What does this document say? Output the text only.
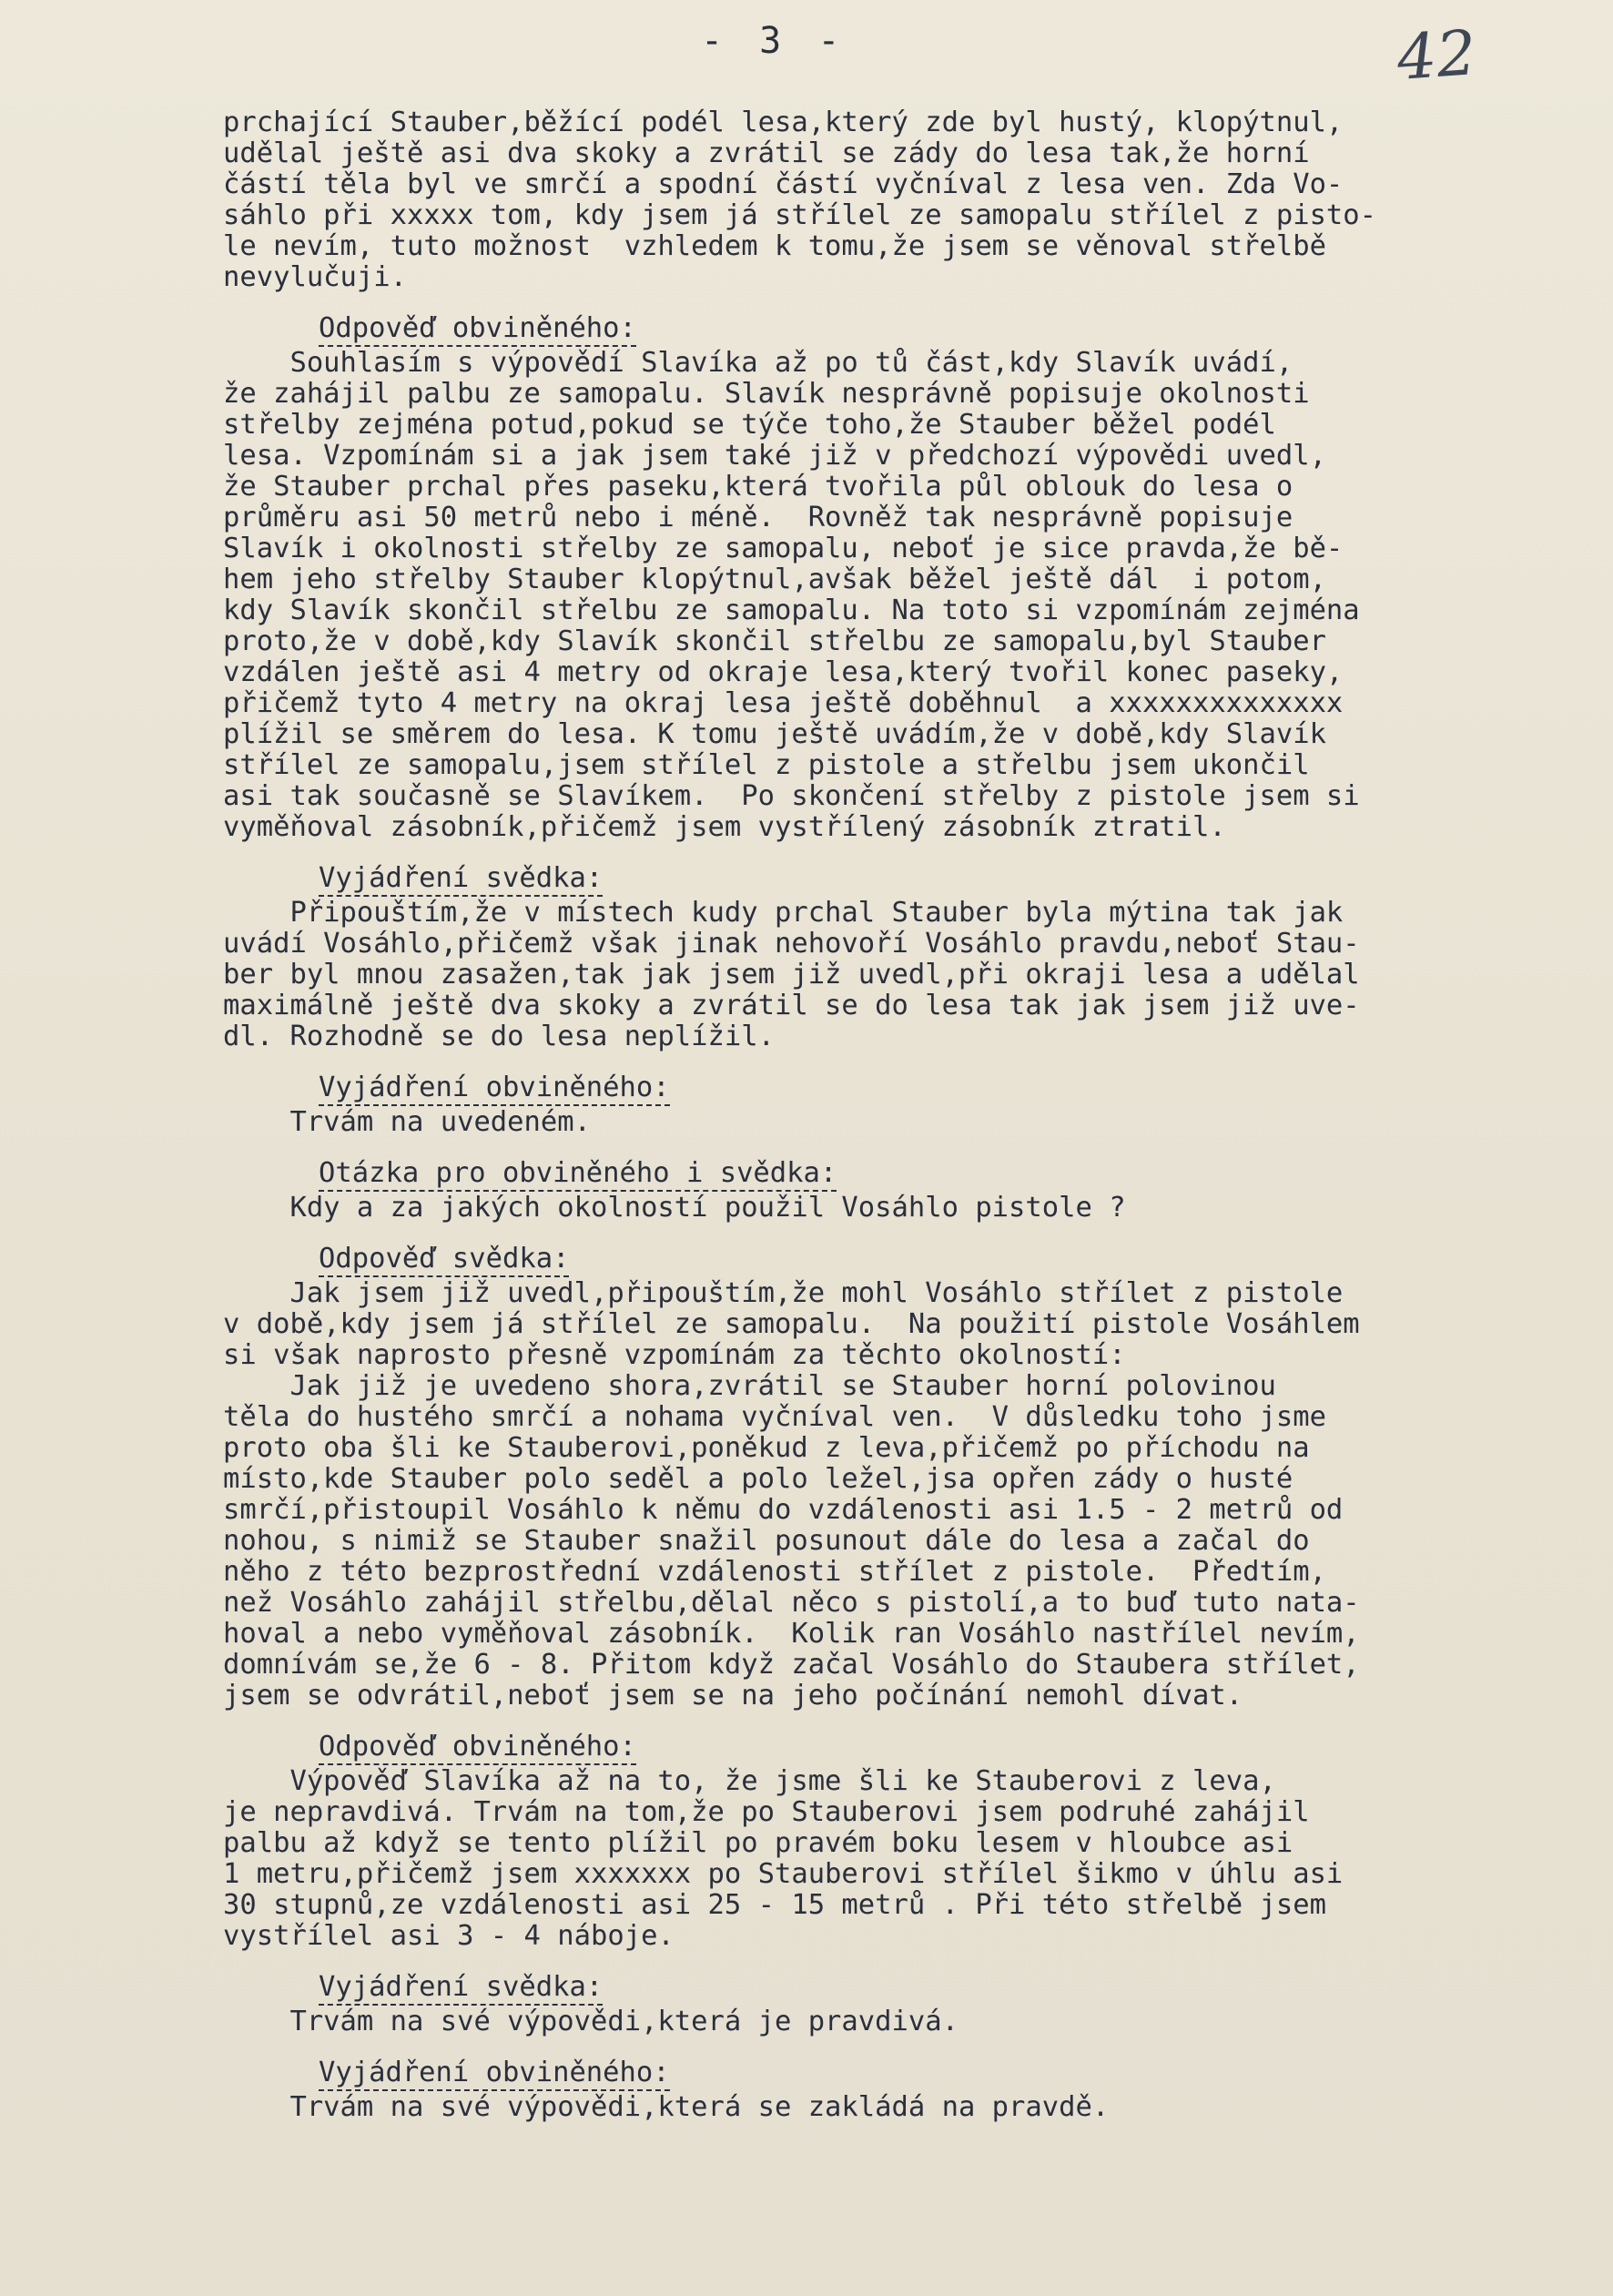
- 3 -	42
prchající Stauber,běžící podél lesa,který zde byl hustý, klopýtnul,
udělal ještě asi dva skoky a zvrátil se zády do lesa tak,že horní
částí těla byl ve smrčí a spodní částí vyčníval z lesa ven. Zda Vo-
sáhlo při xxxxx tom, kdy jsem já střílel ze samopalu střílel z pisto-
le nevím, tuto možnost  vzhledem k tomu,že jsem se věnoval střelbě
nevylučuji.
Odpověď obviněného:
Souhlasím s výpovědí Slavíka až po tů část,kdy Slavík uvádí,
že zahájil palbu ze samopalu. Slavík nesprávně popisuje okolnosti
střelby zejména potud,pokud se týče toho,že Stauber běžel podél
lesa. Vzpomínám si a jak jsem také již v předchozí výpovědi uvedl,
že Stauber prchal přes paseku,která tvořila půl oblouk do lesa o
průměru asi 50 metrů nebo i méně.  Rovněž tak nesprávně popisuje
Slavík i okolnosti střelby ze samopalu, neboť je sice pravda,že bě-
hem jeho střelby Stauber klopýtnul,avšak běžel ještě dál  i potom,
kdy Slavík skončil střelbu ze samopalu. Na toto si vzpomínám zejména
proto,že v době,kdy Slavík skončil střelbu ze samopalu,byl Stauber
vzdálen ještě asi 4 metry od okraje lesa,který tvořil konec paseky,
přičemž tyto 4 metry na okraj lesa ještě doběhnul  a xxxxxxxxxxxxxx
plížil se směrem do lesa. K tomu ještě uvádím,že v době,kdy Slavík
střílel ze samopalu,jsem střílel z pistole a střelbu jsem ukončil
asi tak současně se Slavíkem.  Po skončení střelby z pistole jsem si
vyměňoval zásobník,přičemž jsem vystřílený zásobník ztratil.
Vyjádření svědka:
Připouštím,že v místech kudy prchal Stauber byla mýtina tak jak
uvádí Vosáhlo,přičemž však jinak nehovoří Vosáhlo pravdu,neboť Stau-
ber byl mnou zasažen,tak jak jsem již uvedl,při okraji lesa a udělal
maximálně ještě dva skoky a zvrátil se do lesa tak jak jsem již uve-
dl. Rozhodně se do lesa neplížil.
Vyjádření obviněného:
Trvám na uvedeném.
Otázka pro obviněného i svědka:
Kdy a za jakých okolností použil Vosáhlo pistole ?
Odpověď svědka:
Jak jsem již uvedl,připouštím,že mohl Vosáhlo střílet z pistole
v době,kdy jsem já střílel ze samopalu.  Na použití pistole Vosáhlem
si však naprosto přesně vzpomínám za těchto okolností:
Jak již je uvedeno shora,zvrátil se Stauber horní polovinou
těla do hustého smrčí a nohama vyčníval ven.  V důsledku toho jsme
proto oba šli ke Stauberovi,poněkud z leva,přičemž po příchodu na
místo,kde Stauber polo seděl a polo ležel,jsa opřen zády o husté
smrčí,přistoupil Vosáhlo k němu do vzdálenosti asi 1.5 - 2 metrů od
nohou, s nimiž se Stauber snažil posunout dále do lesa a začal do
něho z této bezprostřední vzdálenosti střílet z pistole.  Předtím,
než Vosáhlo zahájil střelbu,dělal něco s pistolí,a to buď tuto nata-
hoval a nebo vyměňoval zásobník.  Kolik ran Vosáhlo nastřílel nevím,
domnívám se,že 6 - 8. Přitom když začal Vosáhlo do Staubera střílet,
jsem se odvrátil,neboť jsem se na jeho počínání nemohl dívat.
Odpověď obviněného:
Výpověď Slavíka až na to, že jsme šli ke Stauberovi z leva,
je nepravdivá. Trvám na tom,že po Stauberovi jsem podruhé zahájil
palbu až když se tento plížil po pravém boku lesem v hloubce asi
1 metru,přičemž jsem xxxxxxx po Stauberovi střílel šikmo v úhlu asi
30 stupnů,ze vzdálenosti asi 25 - 15 metrů . Při této střelbě jsem
vystřílel asi 3 - 4 náboje.
Vyjádření svědka:
Trvám na své výpovědi,která je pravdivá.
Vyjádření obviněného:
Trvám na své výpovědi,která se zakládá na pravdě.
